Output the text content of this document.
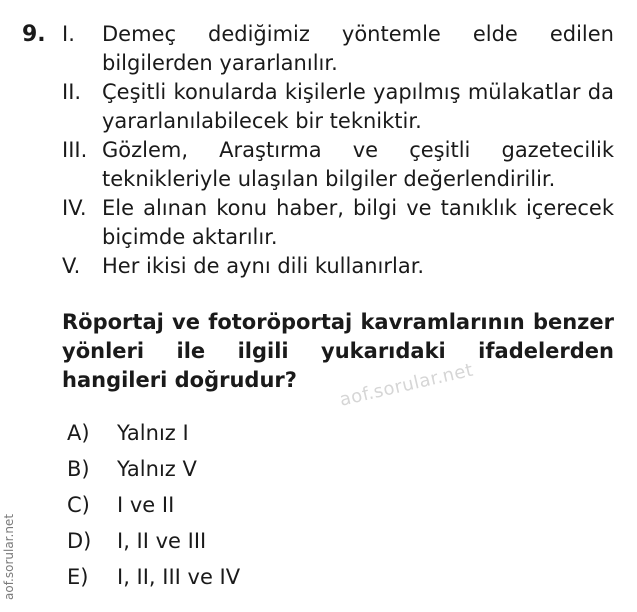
9. I. Demeç dediğimiz yöntemle elde edilen bilgilerden yararlanılır.
II. Çeşitli konularda kişilerle yapılmış mülakatlar da yararlanılabilecek bir tekniktir.
III. Gözlem, Araştırma ve çeşitli gazetecilik teknikleriyle ulaşılan bilgiler değerlendirilir.
IV. Ele alınan konu haber, bilgi ve tanıklık içerecek biçimde aktarılır.
V. Her ikisi de aynı dili kullanırlar.
Röportaj ve fotoröportaj kavramlarının benzer yönleri ile ilgili yukarıdaki ifadelerden hangileri doğrudur?	aof.sorular.net
A) Yalnız I
B) Yalnız V
C) I ve II
D) I, II ve III
E) I, II, III ve IV
aof.sorular.net
